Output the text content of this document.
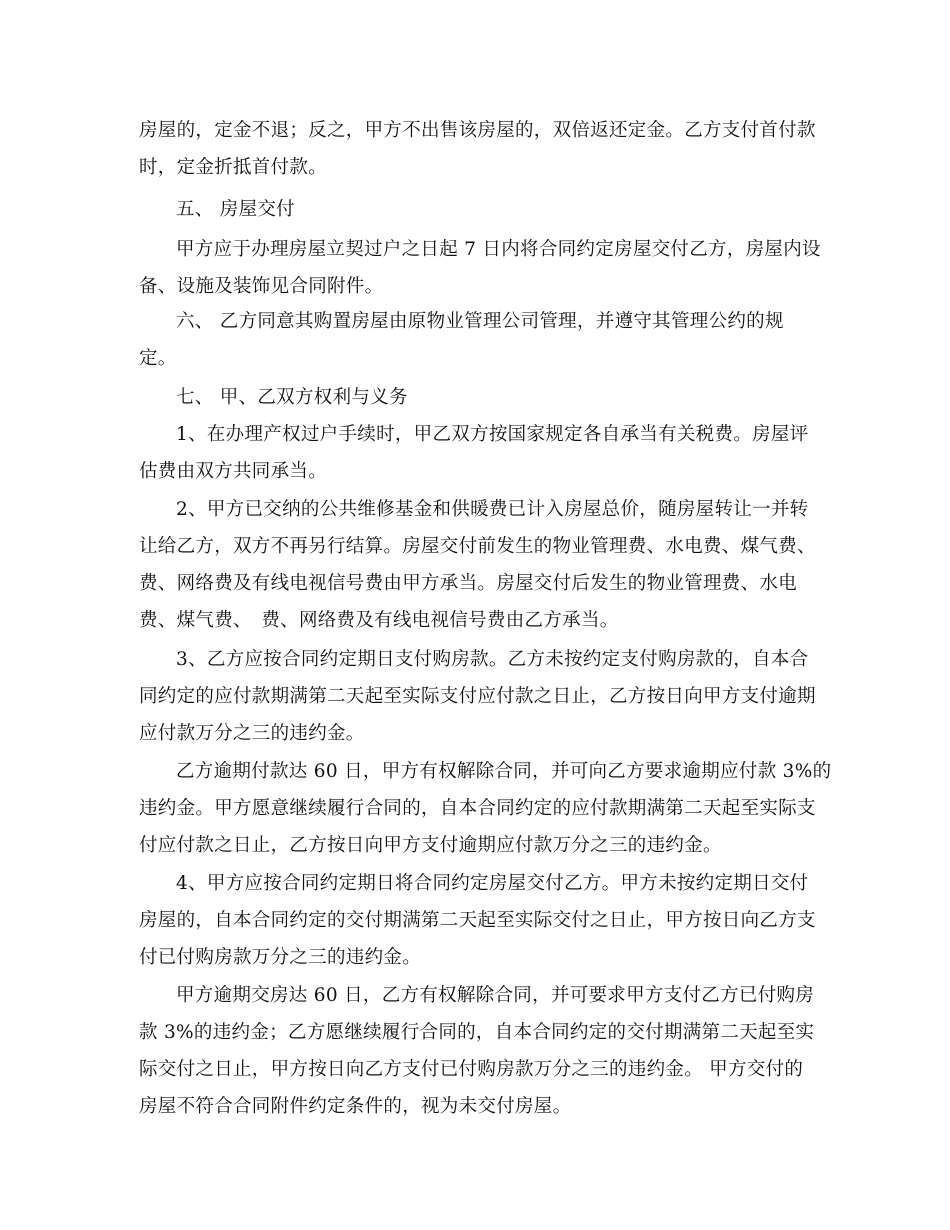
房屋的，定金不退；反之，甲方不出售该房屋的，双倍返还定金。乙方支付首付款

时，定金折抵首付款。

五、 房屋交付

甲方应于办理房屋立契过户之日起 7 日内将合同约定房屋交付乙方，房屋内设

备、设施及装饰见合同附件。

六、 乙方同意其购置房屋由原物业管理公司管理，并遵守其管理公约的规

定。

七、 甲、乙双方权利与义务

1、在办理产权过户手续时，甲乙双方按国家规定各自承当有关税费。房屋评

估费由双方共同承当。

2、甲方已交纳的公共维修基金和供暖费已计入房屋总价，随房屋转让一并转

让给乙方，双方不再另行结算。房屋交付前发生的物业管理费、水电费、煤气费、

费、网络费及有线电视信号费由甲方承当。房屋交付后发生的物业管理费、水电

费、煤气费、　费、网络费及有线电视信号费由乙方承当。

3、乙方应按合同约定期日支付购房款。乙方未按约定支付购房款的，自本合

同约定的应付款期满第二天起至实际支付应付款之日止，乙方按日向甲方支付逾期

应付款万分之三的违约金。

乙方逾期付款达 60 日，甲方有权解除合同，并可向乙方要求逾期应付款 3%的

违约金。甲方愿意继续履行合同的，自本合同约定的应付款期满第二天起至实际支

付应付款之日止，乙方按日向甲方支付逾期应付款万分之三的违约金。

4、甲方应按合同约定期日将合同约定房屋交付乙方。甲方未按约定期日交付

房屋的，自本合同约定的交付期满第二天起至实际交付之日止，甲方按日向乙方支

付已付购房款万分之三的违约金。

甲方逾期交房达 60 日，乙方有权解除合同，并可要求甲方支付乙方已付购房

款 3%的违约金；乙方愿继续履行合同的，自本合同约定的交付期满第二天起至实

际交付之日止，甲方按日向乙方支付已付购房款万分之三的违约金。 甲方交付的

房屋不符合合同附件约定条件的，视为未交付房屋。
